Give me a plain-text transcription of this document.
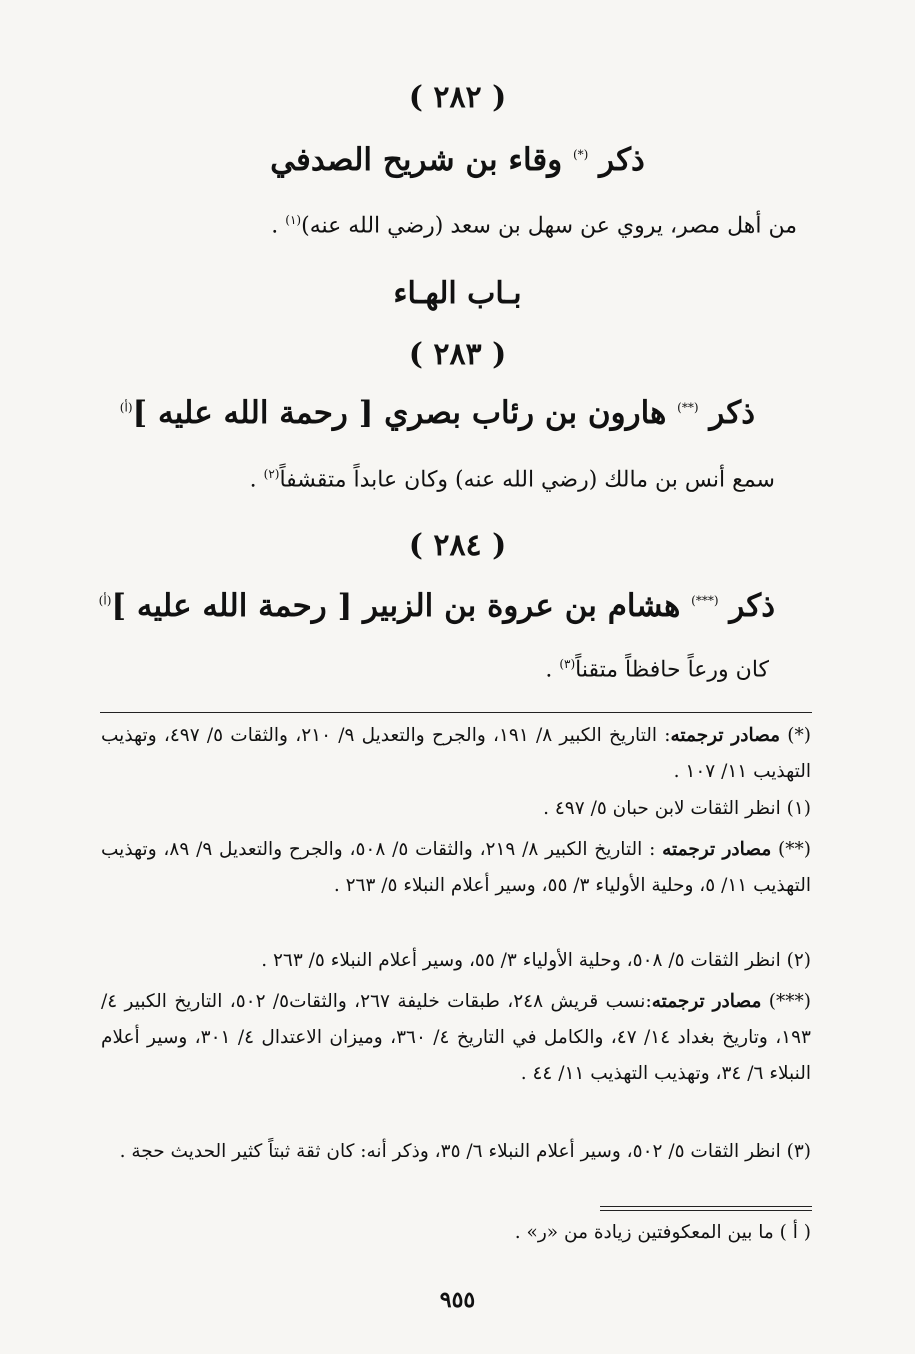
( ٢٨٢ )
ذكر (*) وقاء بن شريح الصدفي
من أهل مصر، يروي عن سهل بن سعد (رضي الله عنه)$^{(١)}$ .
بـاب الهـاء
( ٢٨٣ )
ذكر (**) هارون بن رئاب بصري [ رحمة الله عليه ]$^{(أ)}$
سمع أنس بن مالك (رضي الله عنه) وكان عابداً متقشفاً$^{(٢)}$ .
( ٢٨٤ )
ذكر (***) هشام بن عروة بن الزبير [ رحمة الله عليه ]$^{(أ)}$
كان ورعاً حافظاً متقناً$^{(٣)}$ .
(*) مصادر ترجمته: التاريخ الكبير ٨/ ١٩١، والجرح والتعديل ٩/ ٢١٠، والثقات ٥/ ٤٩٧، وتهذيب التهذيب ١١/ ١٠٧ .
(١) انظر الثقات لابن حبان ٥/ ٤٩٧ .
(**) مصادر ترجمته : التاريخ الكبير ٨/ ٢١٩، والثقات ٥/ ٥٠٨، والجرح والتعديل ٩/ ٨٩، وتهذيب التهذيب ١١/ ٥، وحلية الأولياء ٣/ ٥٥، وسير أعلام النبلاء ٥/ ٢٦٣ .
(٢) انظر الثقات ٥/ ٥٠٨، وحلية الأولياء ٣/ ٥٥، وسير أعلام النبلاء ٥/ ٢٦٣ .
(***) مصادر ترجمته:نسب قريش ٢٤٨، طبقات خليفة ٢٦٧، والثقات٥/ ٥٠٢، التاريخ الكبير ٤/ ١٩٣، وتاريخ بغداد ١٤/ ٤٧، والكامل في التاريخ ٤/ ٣٦٠، وميزان الاعتدال ٤/ ٣٠١، وسير أعلام النبلاء ٦/ ٣٤، وتهذيب التهذيب ١١/ ٤٤ .
(٣) انظر الثقات ٥/ ٥٠٢، وسير أعلام النبلاء ٦/ ٣٥، وذكر أنه: كان ثقة ثبتاً كثير الحديث حجة .
( أ ) ما بين المعكوفتين زيادة من «ر» .
٩٥٥
